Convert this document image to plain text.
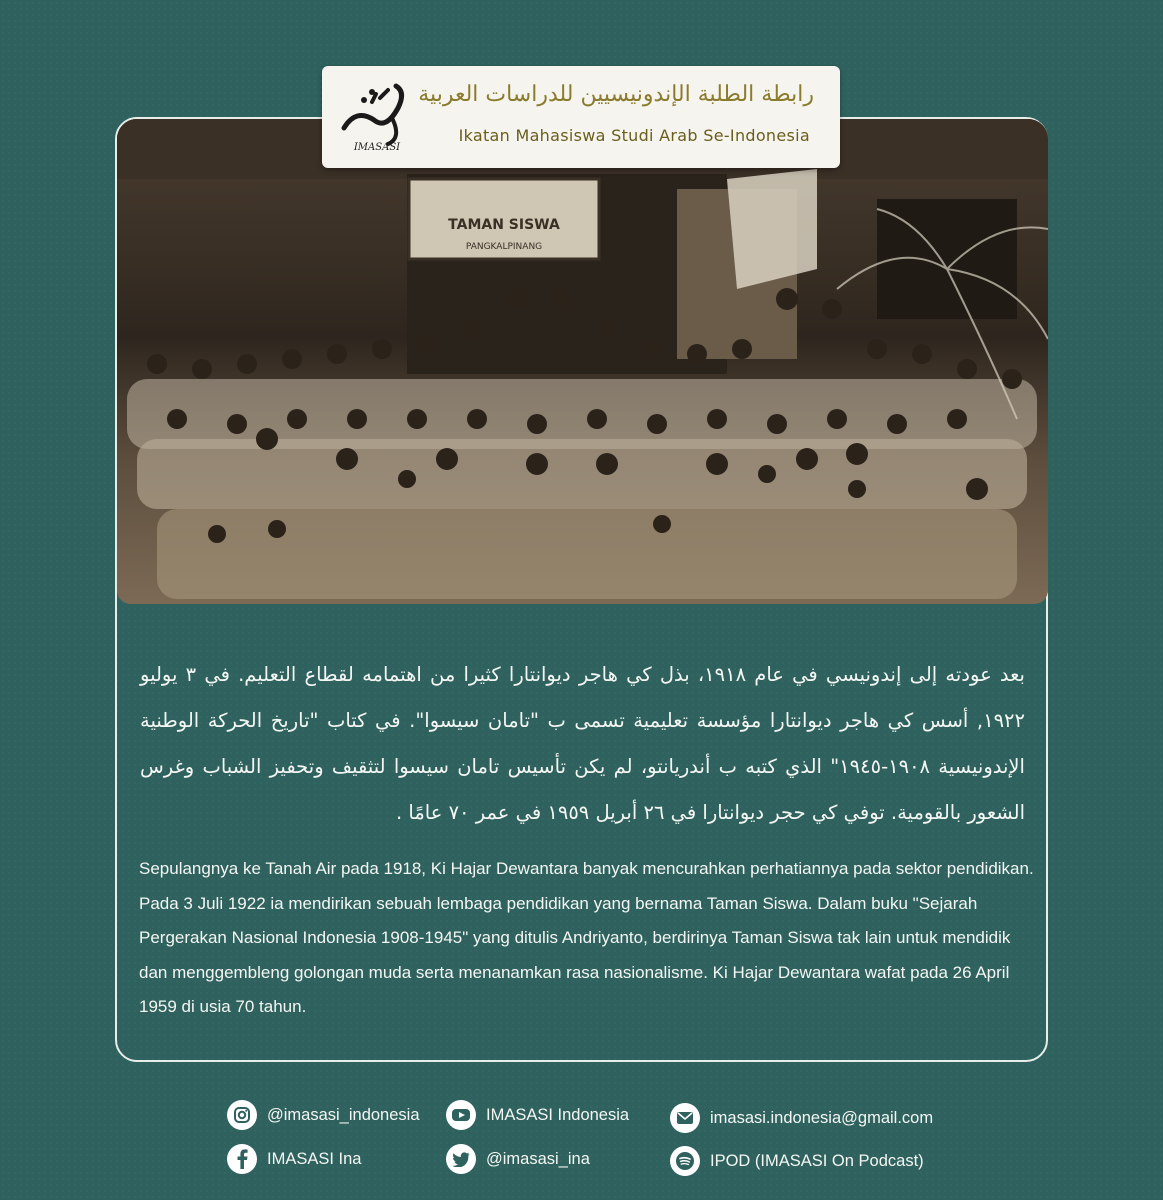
TAMAN SISWA
PANGKALPINANG
IMASASI
رابطة الطلبة الإندونيسيين للدراسات العربية
Ikatan Mahasiswa Studi Arab Se-Indonesia
بعد عودته إلى إندونيسي في عام ١٩١٨، بذل كي هاجر ديوانتارا كثيرا من اهتمامه لقطاع التعليم. في ٣ يوليو ١٩٢٢, أسس كي هاجر ديوانتارا مؤسسة تعليمية تسمى ب "تامان سيسوا". في كتاب "تاريخ الحركة الوطنية الإندونيسية ١٩٠٨-١٩٤٥" الذي كتبه ب أندريانتو، لم يكن تأسيس تامان سيسوا لتثقيف وتحفيز الشباب وغرس الشعور بالقومية. توفي كي حجر ديوانتارا في ٢٦ أبريل ١٩٥٩ في عمر ٧٠ عامًا .
Sepulangnya ke Tanah Air pada 1918, Ki Hajar Dewantara banyak mencurahkan perhatiannya pada sektor pendidikan. Pada 3 Juli 1922 ia mendirikan sebuah lembaga pendidikan yang bernama Taman Siswa. Dalam buku "Sejarah Pergerakan Nasional Indonesia 1908-1945" yang ditulis Andriyanto, berdirinya Taman Siswa tak lain untuk mendidik dan menggembleng golongan muda serta menanamkan rasa nasionalisme. Ki Hajar Dewantara wafat pada 26 April 1959 di usia 70 tahun.
@imasasi_indonesia	IMASASI Indonesia	imasasi.indonesia@gmail.com
IMASASI Ina	@imasasi_ina	IPOD (IMASASI On Podcast)
